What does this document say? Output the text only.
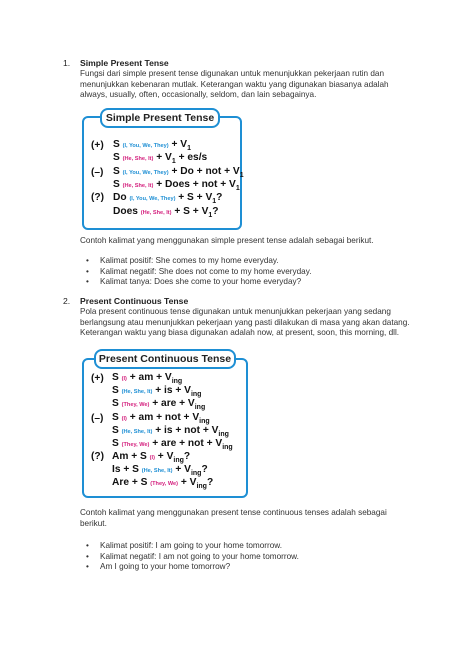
1. Simple Present Tense
Fungsi dari simple present tense digunakan untuk menunjukkan pekerjaan rutin dan
menunjukkan kebenaran mutlak. Keterangan waktu yang digunakan biasanya adalah
always, usually, often, occasionally, seldom, dan lain sebagainya.
Simple Present Tense
(+)
(–)
(?)
S (I, You, We, They) + $V_1$
S (He, She, $It) + V_1 + es/s$
S (I, You, We, They) + Do + not + $V_1$
S (He, She, It) + Does + not + $V_1$
Do (I, You, We, They) + $S + V_1$?
Does (He, She, $It) + S + V_1$?
Contoh kalimat yang menggunakan simple present tense adalah sebagai berikut.
• Kalimat positif: She comes to my home everyday.
• Kalimat negatif: She does not come to my home everyday.
• Kalimat tanya: Does she come to your home everyday?
2. Present Continuous Tense
Pola present continuous tense digunakan untuk menunjukkan pekerjaan yang sedang
berlangsung atau menunjukkan pekerjaan yang pasti dilakukan di masa yang akan datang.
Keterangan waktu yang biasa digunakan adalah now, at present, soon, this morning, dll.
Present Continuous Tense
(+)
(–)
(?)
S (I) + am + $V_{ing}$
S (He, She, It) + is + $V_{ing}$
S (They, We) + are + $V_{ing}$
S (I) + am + not + $V_{ing}$
S (He, She, It) + is + not + $V_{ing}$
S (They, We) + are + not + $V_{ing}$
Am + S $(I) + V_{ing}$?
Is + S (He, She, $It) + V_{ing}$?
Are + S (They, $We) + V_{ing}$?
Contoh kalimat yang menggunakan present tense continuous tenses adalah sebagai
berikut.
• Kalimat positif: I am going to your home tomorrow.
• Kalimat negatif: I am not going to your home tomorrow.
• Am I going to your home tomorrow?
